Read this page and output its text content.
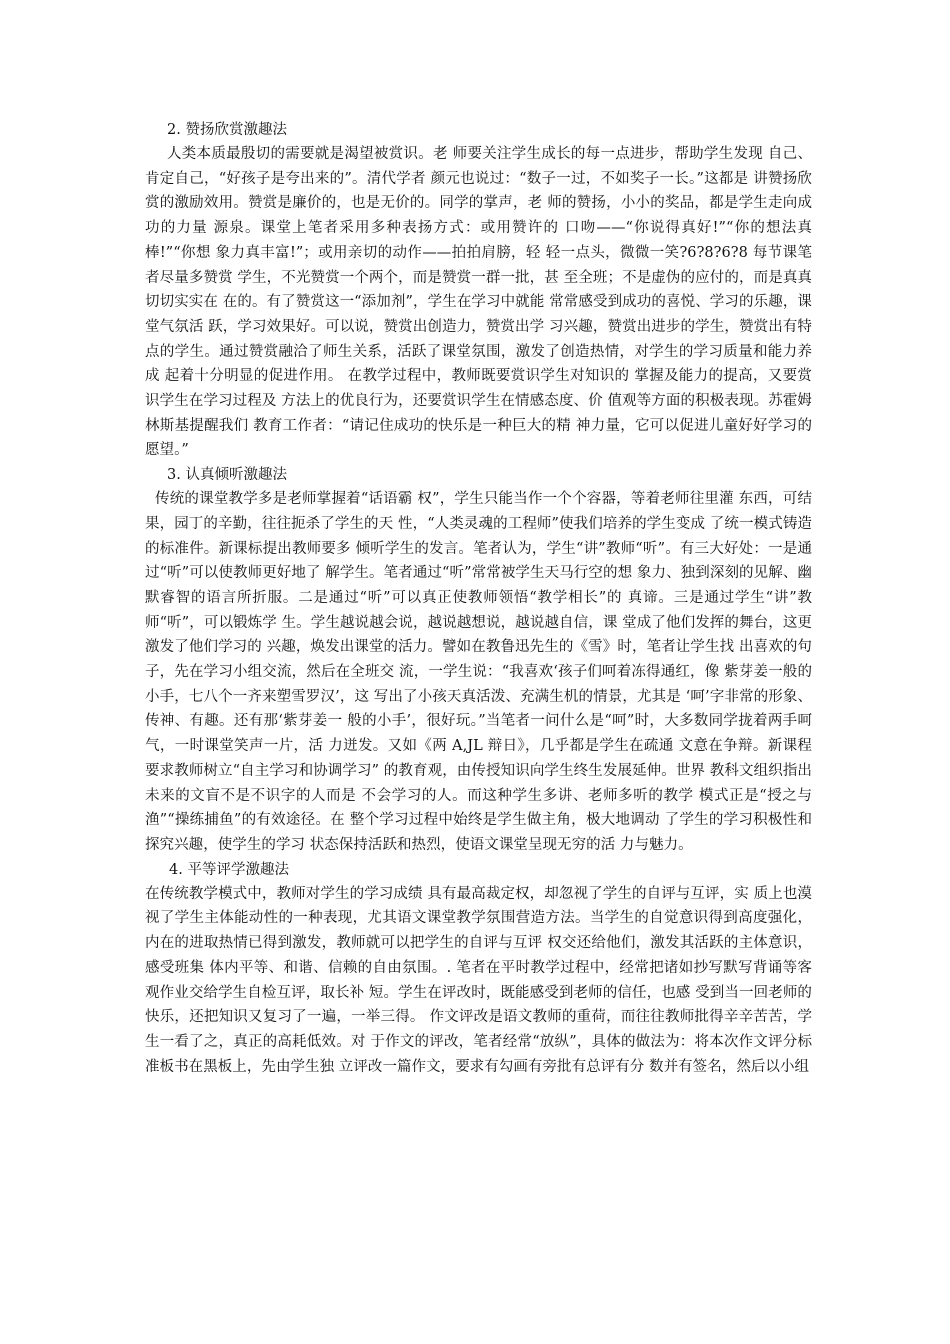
2. 赞扬欣赏激趣法

人类本质最殷切的需要就是渴望被赏识。老 师要关注学生成长的每一点进步，帮助学生发现 自己、肯定自己，“好孩子是夸出来的”。清代学者 颜元也说过：“数子一过，不如奖子一长。”这都是 讲赞扬欣赏的激励效用。赞赏是廉价的，也是无价的。同学的掌声，老 师的赞扬，小小的奖品，都是学生走向成功的力量 源泉。课堂上笔者采用多种表扬方式：或用赞许的 口吻——“你说得真好!”“你的想法真棒!”“你想 象力真丰富!”；或用亲切的动作——拍拍肩膀，轻 轻一点头，微微一笑?6?8?6?8 每节课笔者尽量多赞赏 学生，不光赞赏一个两个，而是赞赏一群一批，甚 至全班；不是虚伪的应付的，而是真真切切实实在 在的。有了赞赏这一“添加剂”，学生在学习中就能 常常感受到成功的喜悦、学习的乐趣，课堂气氛活 跃，学习效果好。可以说，赞赏出创造力，赞赏出学 习兴趣，赞赏出进步的学生，赞赏出有特点的学生。通过赞赏融洽了师生关系，活跃了课堂氛围，激发了创造热情，对学生的学习质量和能力养成 起着十分明显的促进作用。 在教学过程中，教师既要赏识学生对知识的 掌握及能力的提高，又要赏识学生在学习过程及 方法上的优良行为，还要赏识学生在情感态度、价 值观等方面的积极表现。苏霍姆林斯基提醒我们 教育工作者：“请记住成功的快乐是一种巨大的精 神力量，它可以促进儿童好好学习的愿望。”

3. 认真倾听激趣法

传统的课堂教学多是老师掌握着“话语霸 权”，学生只能当作一个个容器，等着老师往里灌 东西，可结果，园丁的辛勤，往往扼杀了学生的天 性，“人类灵魂的工程师”使我们培养的学生变成 了统一模式铸造的标准件。新课标提出教师要多 倾听学生的发言。笔者认为，学生“讲”教师“听”。有三大好处：一是通过“听”可以使教师更好地了 解学生。笔者通过“听”常常被学生天马行空的想 象力、独到深刻的见解、幽默睿智的语言所折服。二是通过“听”可以真正使教师领悟“教学相长”的 真谛。三是通过学生“讲”教师“听”，可以锻炼学 生。学生越说越会说，越说越想说，越说越自信，课 堂成了他们发挥的舞台，这更激发了他们学习的 兴趣，焕发出课堂的活力。譬如在教鲁迅先生的《雪》时，笔者让学生找 出喜欢的句子，先在学习小组交流，然后在全班交 流，一学生说：“我喜欢‘孩子们呵着冻得通红，像 紫芽姜一般的小手，七八个一齐来塑雪罗汉’，这 写出了小孩天真活泼、充满生机的情景，尤其是 ‘呵’字非常的形象、传神、有趣。还有那‘紫芽姜一 般的小手’，很好玩。”当笔者一问什么是“呵”时，大多数同学拢着两手呵气，一时课堂笑声一片，活 力迸发。又如《两 A,JL 辩日》，几乎都是学生在疏通 文意在争辩。新课程要求教师树立“自主学习和协调学习” 的教育观，由传授知识向学生终生发展延伸。世界 教科文组织指出未来的文盲不是不识字的人而是 不会学习的人。而这种学生多讲、老师多听的教学 模式正是“授之与渔”“操练捕鱼”的有效途径。在 整个学习过程中始终是学生做主角，极大地调动 了学生的学习积极性和探究兴趣，使学生的学习 状态保持活跃和热烈，使语文课堂呈现无穷的活 力与魅力。

4. 平等评学激趣法

在传统教学模式中，教师对学生的学习成绩 具有最高裁定权，却忽视了学生的自评与互评，实 质上也漠视了学生主体能动性的一种表现，尤其语文课堂教学氛围营造方法。当学生的自觉意识得到高度强化，内在的进取热情已得到激发，教师就可以把学生的自评与互评 权交还给他们，激发其活跃的主体意识，感受班集 体内平等、和谐、信赖的自由氛围。. 笔者在平时教学过程中，经常把诸如抄写默写背诵等客观作业交给学生自检互评，取长补 短。学生在评改时，既能感受到老师的信任，也感 受到当一回老师的快乐，还把知识又复习了一遍，一举三得。 作文评改是语文教师的重荷，而往往教师批得辛辛苦苦，学生一看了之，真正的高耗低效。对 于作文的评改，笔者经常“放纵”，具体的做法为：将本次作文评分标准板书在黑板上，先由学生独 立评改一篇作文，要求有勾画有旁批有总评有分 数并有签名，然后以小组
